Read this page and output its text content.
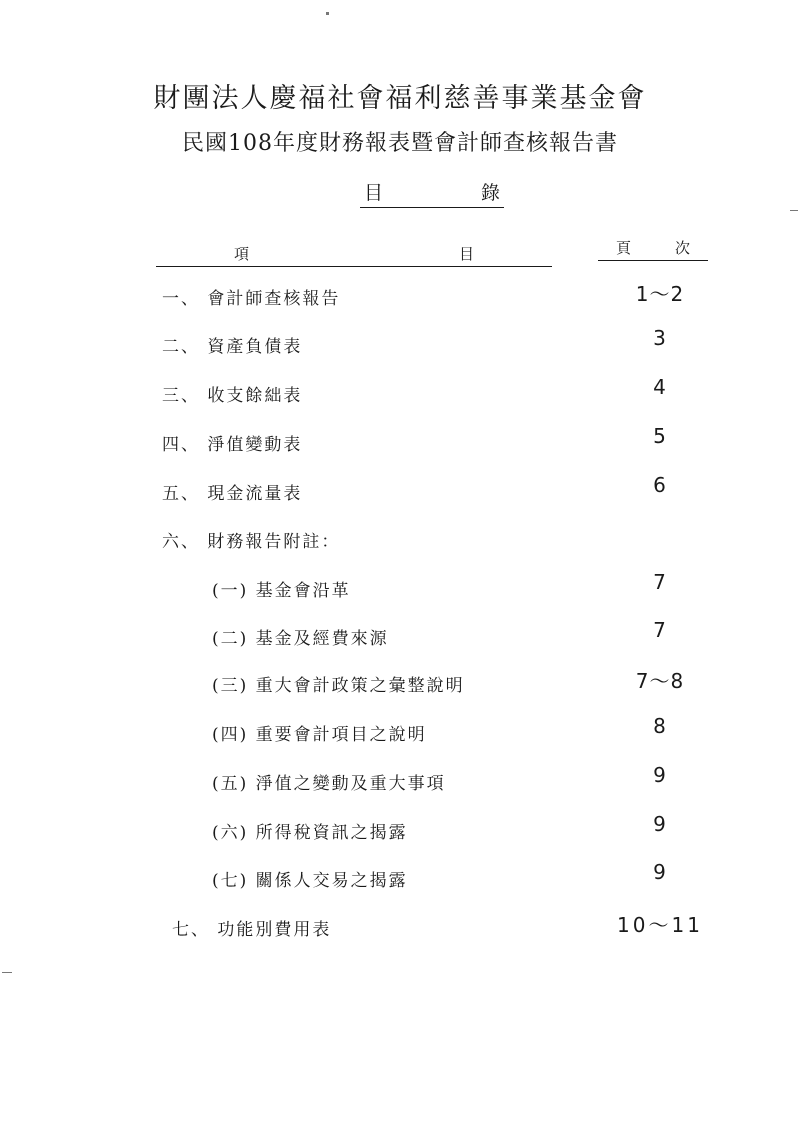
財團法人慶福社會福利慈善事業基金會
民國108年度財務報表暨會計師查核報告書
目	錄
項	目	頁	次
一、 會計師查核報告	1～2
二、 資產負債表	3
三、 收支餘絀表	4
四、 淨值變動表	5
五、 現金流量表	6
六、 財務報告附註：
(一) 基金會沿革	7
(二) 基金及經費來源	7
(三) 重大會計政策之彙整說明	7～8
(四) 重要會計項目之說明	8
(五) 淨值之變動及重大事項	9
(六) 所得稅資訊之揭露	9
(七) 關係人交易之揭露	9
七、 功能別費用表	10～11
